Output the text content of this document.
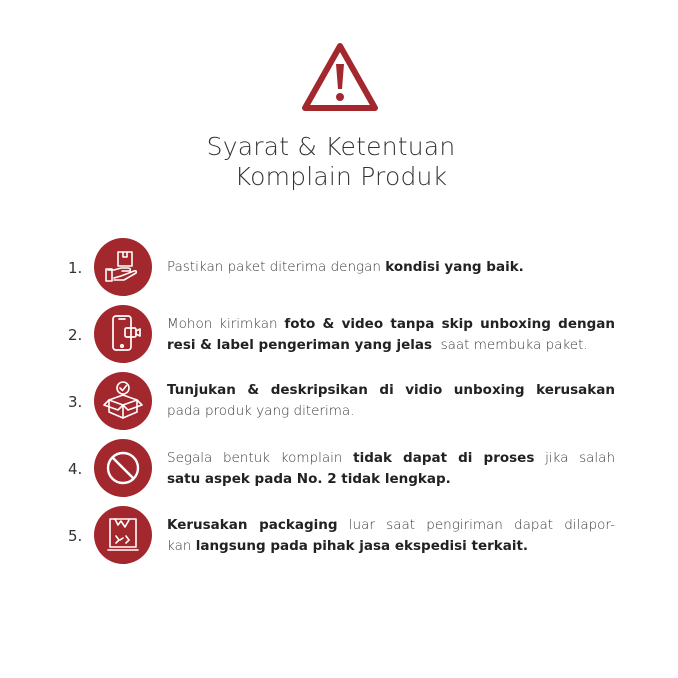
Syarat & Ketentuan
Komplain Produk
1.	Pastikan paket diterima dengan kondisi yang baik.
2.
Mohon kirimkan foto & video tanpa skip unboxing dengan
resi & label pengeriman yang jelas  saat membuka paket.
3.
Tunjukan & deskripsikan di vidio unboxing kerusakan
pada produk yang diterima.
4.
Segala bentuk komplain tidak dapat di proses jika salah
satu aspek pada No. 2 tidak lengkap.
5.
Kerusakan packaging luar saat pengiriman dapat dilapor-
kan langsung pada pihak jasa ekspedisi terkait.
